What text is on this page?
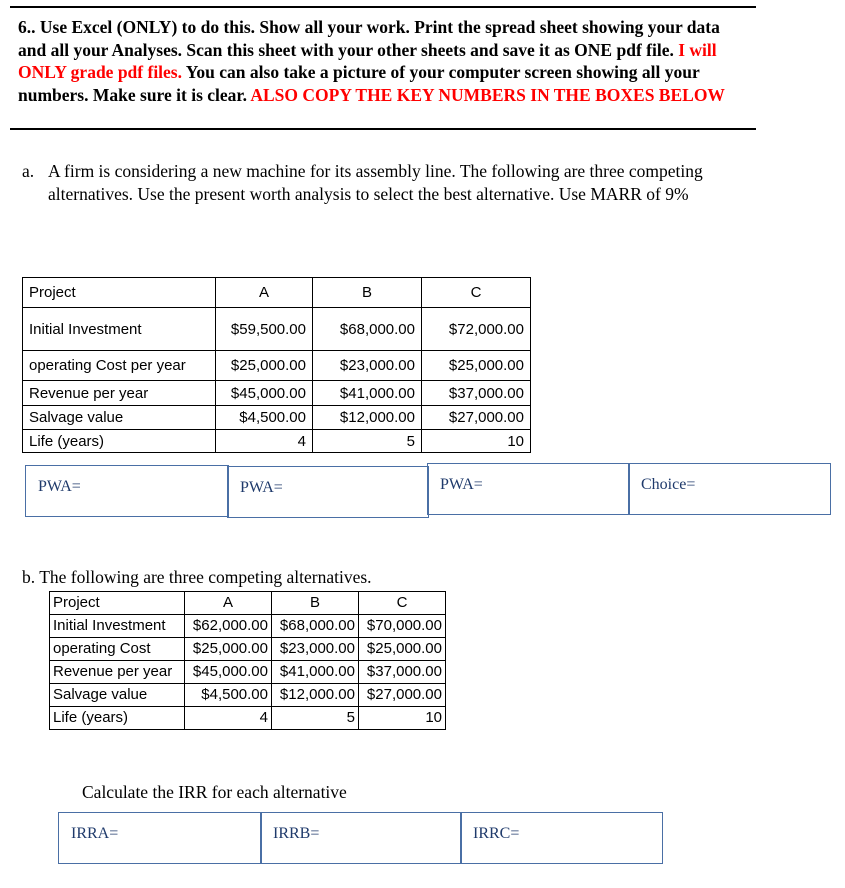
6.. Use Excel (ONLY) to do this. Show all your work. Print the spread sheet showing your data and all your Analyses. Scan this sheet with your other sheets and save it as ONE pdf file. I will ONLY grade pdf files. You can also take a picture of your computer screen showing all your numbers. Make sure it is clear. ALSO COPY THE KEY NUMBERS IN THE BOXES BELOW
a. A firm is considering a new machine for its assembly line. The following are three competing alternatives. Use the present worth analysis to select the best alternative. Use MARR of 9%
Project	A	B	C
Initial Investment	$59,500.00	$68,000.00	$72,000.00
operating Cost per year	$25,000.00	$23,000.00	$25,000.00
Revenue per year	$45,000.00	$41,000.00	$37,000.00
Salvage value	$4,500.00	$12,000.00	$27,000.00
Life (years)	4	5	10
PWA=	PWA=	PWA=	Choice=
b. The following are three competing alternatives.
Project	A	B	C
Initial Investment	$62,000.00	$68,000.00	$70,000.00
operating Cost	$25,000.00	$23,000.00	$25,000.00
Revenue per year	$45,000.00	$41,000.00	$37,000.00
Salvage value	$4,500.00	$12,000.00	$27,000.00
Life (years)	4	5	10
Calculate the IRR for each alternative
IRRA=	IRRB=	IRRC=
